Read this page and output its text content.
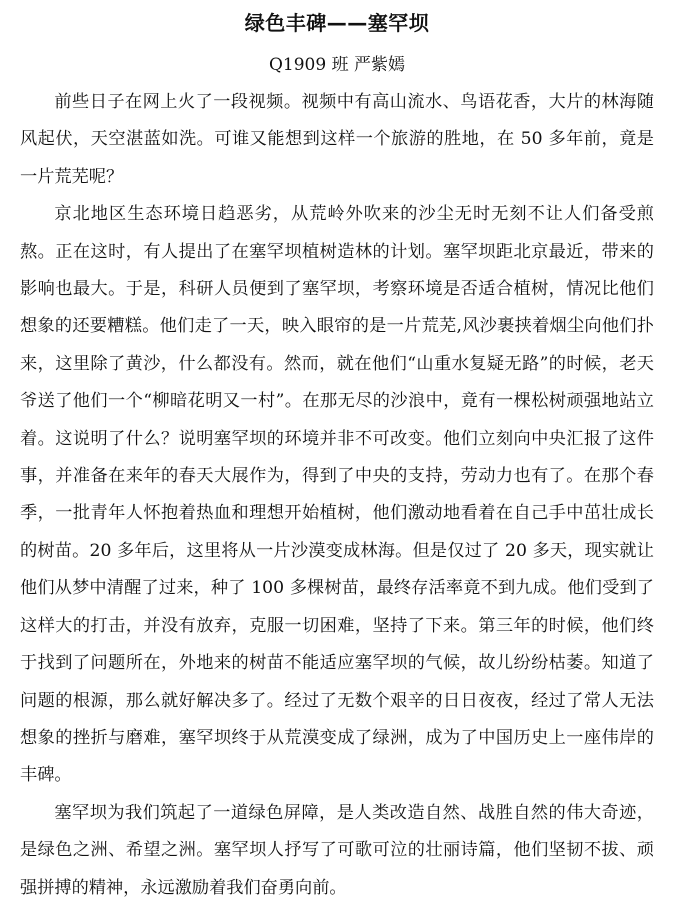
绿色丰碑——塞罕坝
Q1909 班 严紫嫣

前些日子在网上火了一段视频。视频中有高山流水、鸟语花香，大片的林海随风起伏，天空湛蓝如洗。可谁又能想到这样一个旅游的胜地，在 50 多年前，竟是一片荒芜呢？

京北地区生态环境日趋恶劣，从荒岭外吹来的沙尘无时无刻不让人们备受煎熬。正在这时，有人提出了在塞罕坝植树造林的计划。塞罕坝距北京最近，带来的影响也最大。于是，科研人员便到了塞罕坝，考察环境是否适合植树，情况比他们想象的还要糟糕。他们走了一天，映入眼帘的是一片荒芜,风沙裹挟着烟尘向他们扑来，这里除了黄沙，什么都没有。然而，就在他们“山重水复疑无路”的时候，老天爷送了他们一个“柳暗花明又一村”。在那无尽的沙浪中，竟有一棵松树顽强地站立着。这说明了什么？说明塞罕坝的环境并非不可改变。他们立刻向中央汇报了这件事，并准备在来年的春天大展作为，得到了中央的支持，劳动力也有了。在那个春季，一批青年人怀抱着热血和理想开始植树，他们激动地看着在自己手中茁壮成长的树苗。20 多年后，这里将从一片沙漠变成林海。但是仅过了 20 多天，现实就让他们从梦中清醒了过来，种了 100 多棵树苗，最终存活率竟不到九成。他们受到了这样大的打击，并没有放弃，克服一切困难，坚持了下来。第三年的时候，他们终于找到了问题所在，外地来的树苗不能适应塞罕坝的气候，故儿纷纷枯萎。知道了问题的根源，那么就好解决多了。经过了无数个艰辛的日日夜夜，经过了常人无法想象的挫折与磨难，塞罕坝终于从荒漠变成了绿洲，成为了中国历史上一座伟岸的丰碑。

塞罕坝为我们筑起了一道绿色屏障，是人类改造自然、战胜自然的伟大奇迹，是绿色之洲、希望之洲。塞罕坝人抒写了可歌可泣的壮丽诗篇，他们坚韧不拔、顽强拼搏的精神，永远激励着我们奋勇向前。
